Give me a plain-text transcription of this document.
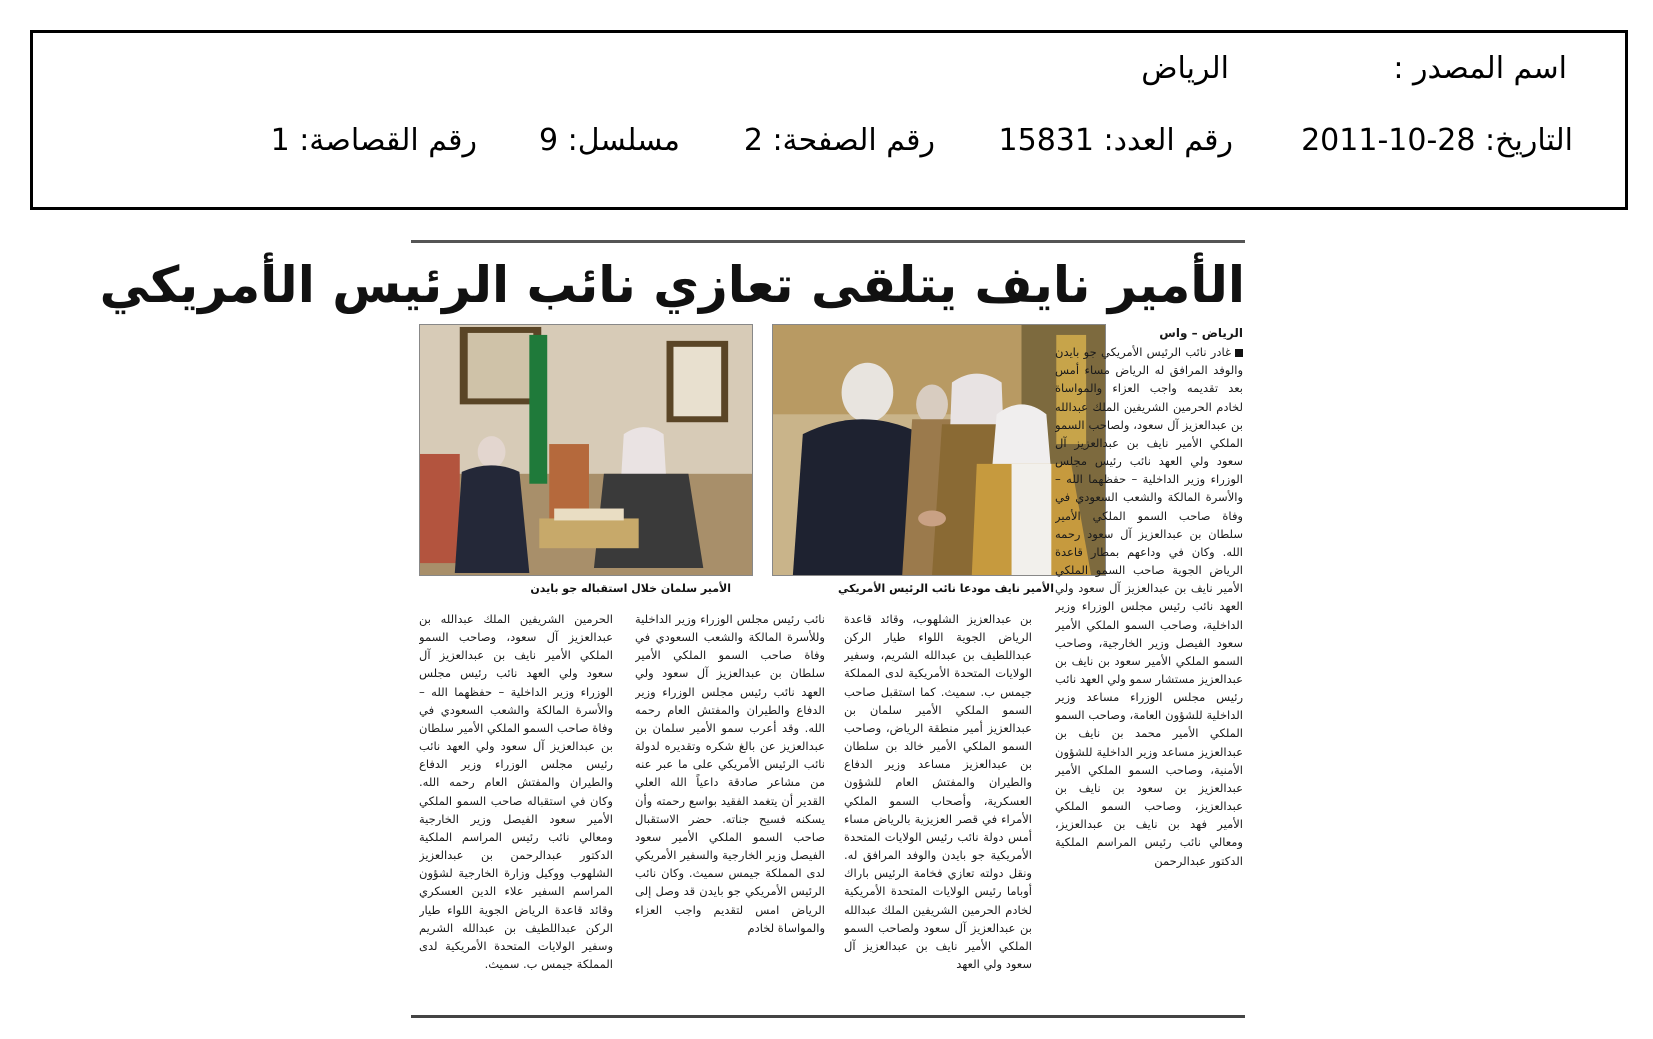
اسم المصدر :
الرياض
التاريخ: 28-10-2011
رقم العدد: 15831
رقم الصفحة: 2
مسلسل: 9
رقم القصاصة: 1
الأمير نايف يتلقى تعازي نائب الرئيس الأمريكي
الأمير نايف مودعا نائب الرئيس الأمريكي
الأمير سلمان خلال استقباله جو بايدن

الرياض – واس

غادر نائب الرئيس الأمريكي جو بايدن والوفد المرافق له الرياض مساء أمس بعد تقديمه واجب العزاء والمواساة لخادم الحرمين الشريفين الملك عبدالله بن عبدالعزيز آل سعود، ولصاحب السمو الملكي الأمير نايف بن عبدالعزيز آل سعود ولي العهد نائب رئيس مجلس الوزراء وزير الداخلية – حفظهما الله – والأسرة المالكة والشعب السعودي في وفاة صاحب السمو الملكي الأمير سلطان بن عبدالعزيز آل سعود رحمه الله. وكان في وداعهم بمطار قاعدة الرياض الجوية صاحب السمو الملكي الأمير نايف بن عبدالعزيز آل سعود ولي العهد نائب رئيس مجلس الوزراء وزير الداخلية، وصاحب السمو الملكي الأمير سعود الفيصل وزير الخارجية، وصاحب السمو الملكي الأمير سعود بن نايف بن عبدالعزيز مستشار سمو ولي العهد نائب رئيس مجلس الوزراء مساعد وزير الداخلية للشؤون العامة، وصاحب السمو الملكي الأمير محمد بن نايف بن عبدالعزيز مساعد وزير الداخلية للشؤون الأمنية، وصاحب السمو الملكي الأمير عبدالعزيز بن سعود بن نايف بن عبدالعزيز، وصاحب السمو الملكي الأمير فهد بن نايف بن عبدالعزيز، ومعالي نائب رئيس المراسم الملكية الدكتور عبدالرحمن

بن عبدالعزيز الشلهوب، وقائد قاعدة الرياض الجوية اللواء طيار الركن عبداللطيف بن عبدالله الشريم، وسفير الولايات المتحدة الأمريكية لدى المملكة جيمس ب. سميث. كما استقبل صاحب السمو الملكي الأمير سلمان بن عبدالعزيز أمير منطقة الرياض، وصاحب السمو الملكي الأمير خالد بن سلطان بن عبدالعزيز مساعد وزير الدفاع والطيران والمفتش العام للشؤون العسكرية، وأصحاب السمو الملكي الأمراء في قصر العزيزية بالرياض مساء أمس دولة نائب رئيس الولايات المتحدة الأمريكية جو بايدن والوفد المرافق له. ونقل دولته تعازي فخامة الرئيس باراك أوباما رئيس الولايات المتحدة الأمريكية لخادم الحرمين الشريفين الملك عبدالله بن عبدالعزيز آل سعود ولصاحب السمو الملكي الأمير نايف بن عبدالعزيز آل سعود ولي العهد

نائب رئيس مجلس الوزراء وزير الداخلية وللأسرة المالكة والشعب السعودي في وفاة صاحب السمو الملكي الأمير سلطان بن عبدالعزيز آل سعود ولي العهد نائب رئيس مجلس الوزراء وزير الدفاع والطيران والمفتش العام رحمه الله. وقد أعرب سمو الأمير سلمان بن عبدالعزيز عن بالغ شكره وتقديره لدولة نائب الرئيس الأمريكي على ما عبر عنه من مشاعر صادقة داعياً الله العلي القدير أن يتغمد الفقيد بواسع رحمته وأن يسكنه فسيح جناته. حضر الاستقبال صاحب السمو الملكي الأمير سعود الفيصل وزير الخارجية والسفير الأمريكي لدى المملكة جيمس سميث. وكان نائب الرئيس الأمريكي جو بايدن قد وصل إلى الرياض امس لتقديم واجب العزاء والمواساة لخادم

الحرمين الشريفين الملك عبدالله بن عبدالعزيز آل سعود، وصاحب السمو الملكي الأمير نايف بن عبدالعزيز آل سعود ولي العهد نائب رئيس مجلس الوزراء وزير الداخلية – حفظهما الله – والأسرة المالكة والشعب السعودي في وفاة صاحب السمو الملكي الأمير سلطان بن عبدالعزيز آل سعود ولي العهد نائب رئيس مجلس الوزراء وزير الدفاع والطيران والمفتش العام رحمه الله. وكان في استقباله صاحب السمو الملكي الأمير سعود الفيصل وزير الخارجية ومعالي نائب رئيس المراسم الملكية الدكتور عبدالرحمن بن عبدالعزيز الشلهوب ووكيل وزارة الخارجية لشؤون المراسم السفير علاء الدين العسكري وقائد قاعدة الرياض الجوية اللواء طيار الركن عبداللطيف بن عبدالله الشريم وسفير الولايات المتحدة الأمريكية لدى المملكة جيمس ب. سميث.
